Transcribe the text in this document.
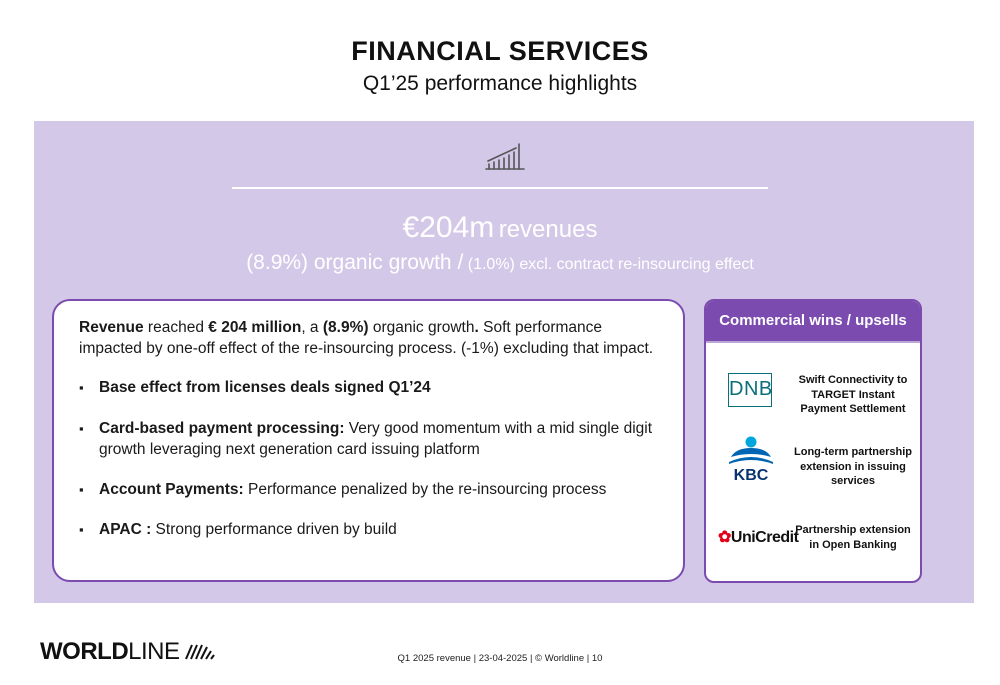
FINANCIAL SERVICES
Q1’25 performance highlights
€204m revenues
(8.9%) organic growth / (1.0%) excl. contract re-insourcing effect
Revenue reached € 204 million, a (8.9%) organic growth. Soft performance impacted by one-off effect of the re-insourcing process. (-1%) excluding that impact.
▪ Base effect from licenses deals signed Q1’24
▪ Card-based payment processing: Very good momentum with a mid single digit growth leveraging next generation card issuing platform
▪ Account Payments: Performance penalized by the re-insourcing process
▪ APAC : Strong performance driven by build
Commercial wins / upsells
DNB	Swift Connectivity to TARGET Instant Payment Settlement
KBC
Long-term partnership extension in issuing services
✿UniCredit
Partnership extension in Open Banking
WORLDLINE	Q1 2025 revenue | 23-04-2025 | © Worldline | 10
